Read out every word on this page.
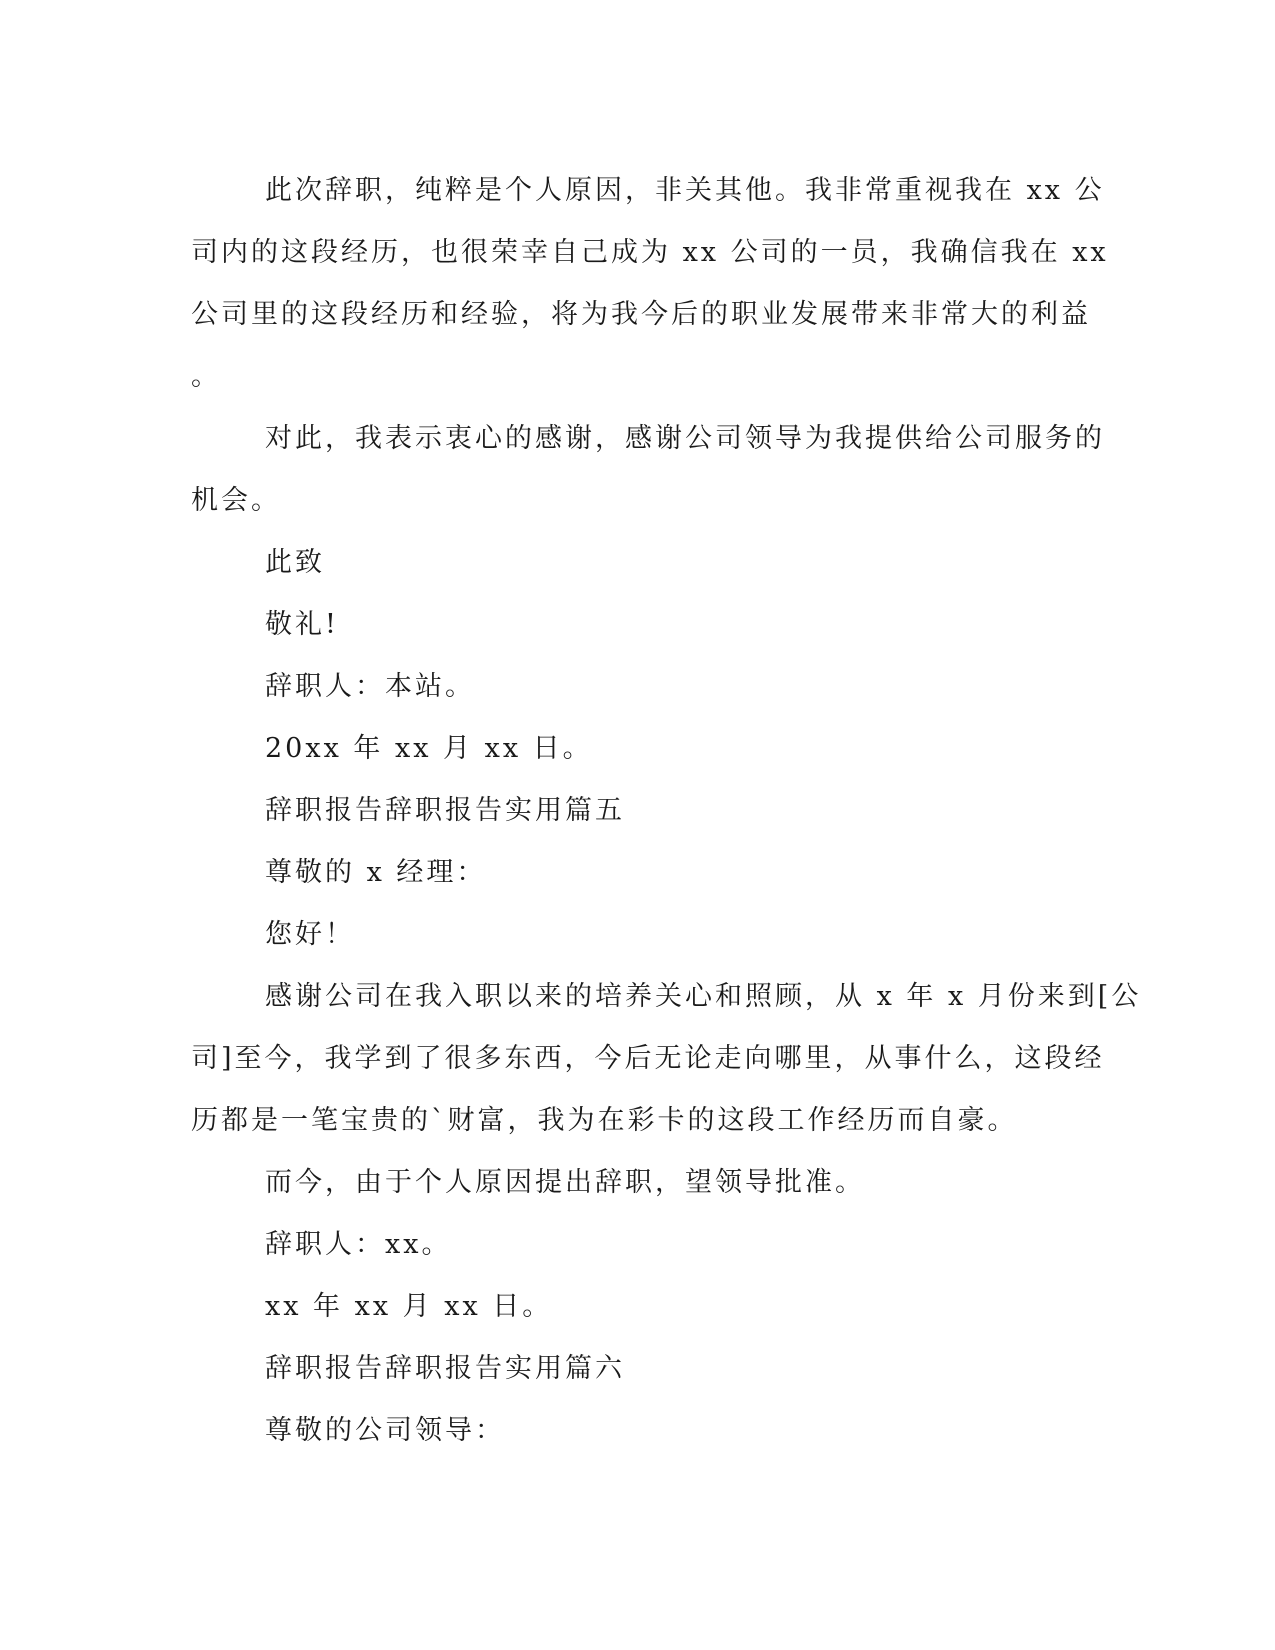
此次辞职，纯粹是个人原因，非关其他。我非常重视我在 xx 公
司内的这段经历，也很荣幸自己成为 xx 公司的一员，我确信我在 xx
公司里的这段经历和经验，将为我今后的职业发展带来非常大的利益
。
对此，我表示衷心的感谢，感谢公司领导为我提供给公司服务的
机会。
此致
敬礼!
辞职人：本站。
20xx 年 xx 月 xx 日。
辞职报告辞职报告实用篇五
尊敬的 x 经理：
您好！
感谢公司在我入职以来的培养关心和照顾，从 x 年 x 月份来到[公
司]至今，我学到了很多东西，今后无论走向哪里，从事什么，这段经
历都是一笔宝贵的`财富，我为在彩卡的这段工作经历而自豪。
而今，由于个人原因提出辞职，望领导批准。
辞职人：xx。
xx 年 xx 月 xx 日。
辞职报告辞职报告实用篇六
尊敬的公司领导：
